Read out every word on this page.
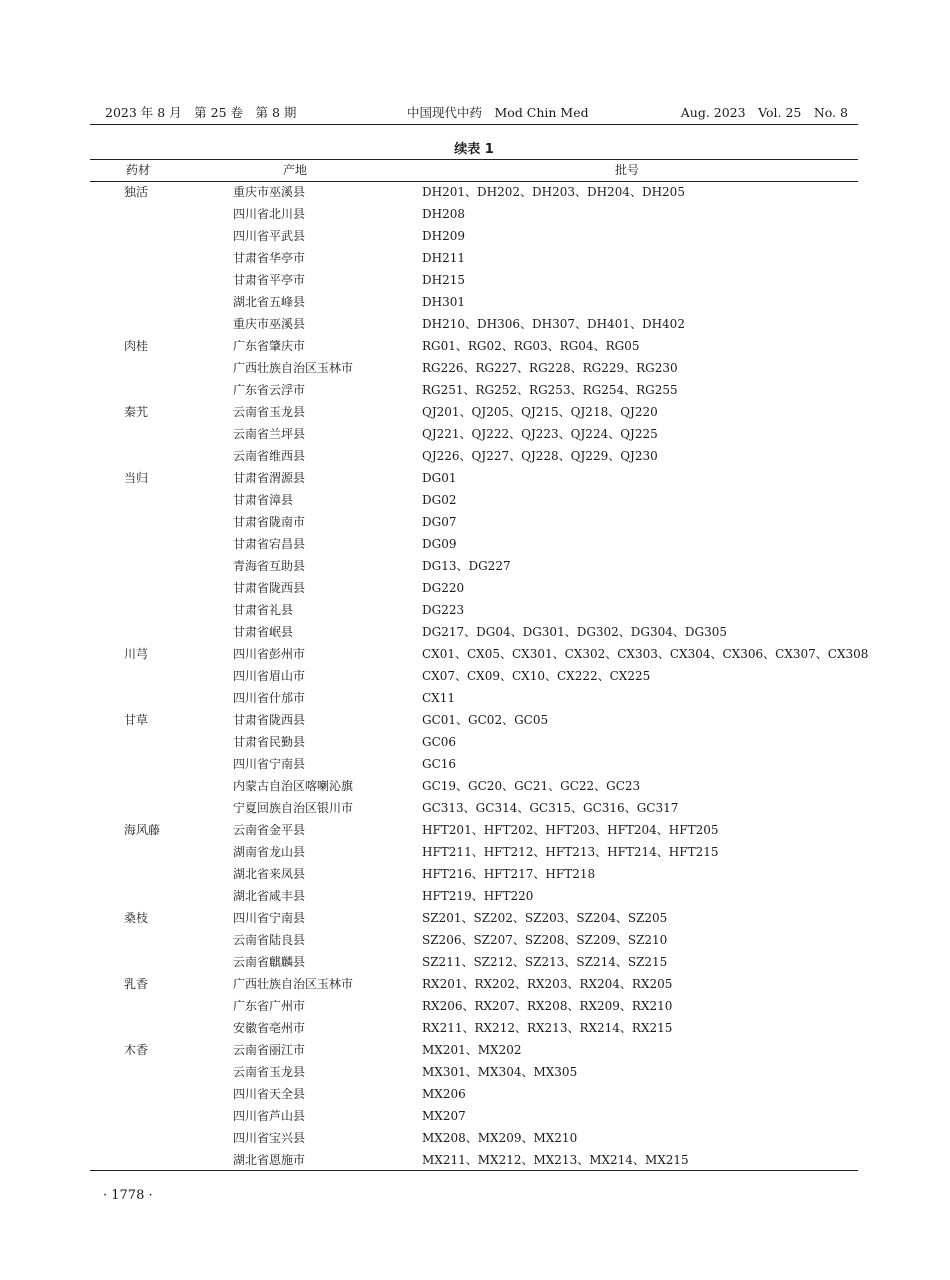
2023 年 8 月　第 25 卷　第 8 期	中国现代中药　Mod Chin Med	Aug. 2023　Vol. 25　No. 8
续表 1
药材	产地	批号
独活	重庆市巫溪县	DH201、DH202、DH203、DH204、DH205
四川省北川县	DH208
四川省平武县	DH209
甘肃省华亭市	DH211
甘肃省平亭市	DH215
湖北省五峰县	DH301
重庆市巫溪县	DH210、DH306、DH307、DH401、DH402
肉桂	广东省肇庆市	RG01、RG02、RG03、RG04、RG05
广西壮族自治区玉林市	RG226、RG227、RG228、RG229、RG230
广东省云浮市	RG251、RG252、RG253、RG254、RG255
秦艽	云南省玉龙县	QJ201、QJ205、QJ215、QJ218、QJ220
云南省兰坪县	QJ221、QJ222、QJ223、QJ224、QJ225
云南省维西县	QJ226、QJ227、QJ228、QJ229、QJ230
当归	甘肃省渭源县	DG01
甘肃省漳县	DG02
甘肃省陇南市	DG07
甘肃省宕昌县	DG09
青海省互助县	DG13、DG227
甘肃省陇西县	DG220
甘肃省礼县	DG223
甘肃省岷县	DG217、DG04、DG301、DG302、DG304、DG305
川芎	四川省彭州市	CX01、CX05、CX301、CX302、CX303、CX304、CX306、CX307、CX308
四川省眉山市	CX07、CX09、CX10、CX222、CX225
四川省什邡市	CX11
甘草	甘肃省陇西县	GC01、GC02、GC05
甘肃省民勤县	GC06
四川省宁南县	GC16
内蒙古自治区喀喇沁旗	GC19、GC20、GC21、GC22、GC23
宁夏回族自治区银川市	GC313、GC314、GC315、GC316、GC317
海风藤	云南省金平县	HFT201、HFT202、HFT203、HFT204、HFT205
湖南省龙山县	HFT211、HFT212、HFT213、HFT214、HFT215
湖北省来凤县	HFT216、HFT217、HFT218
湖北省咸丰县	HFT219、HFT220
桑枝	四川省宁南县	SZ201、SZ202、SZ203、SZ204、SZ205
云南省陆良县	SZ206、SZ207、SZ208、SZ209、SZ210
云南省麒麟县	SZ211、SZ212、SZ213、SZ214、SZ215
乳香	广西壮族自治区玉林市	RX201、RX202、RX203、RX204、RX205
广东省广州市	RX206、RX207、RX208、RX209、RX210
安徽省亳州市	RX211、RX212、RX213、RX214、RX215
木香	云南省丽江市	MX201、MX202
云南省玉龙县	MX301、MX304、MX305
四川省天全县	MX206
四川省芦山县	MX207
四川省宝兴县	MX208、MX209、MX210
湖北省恩施市	MX211、MX212、MX213、MX214、MX215
· 1778 ·
